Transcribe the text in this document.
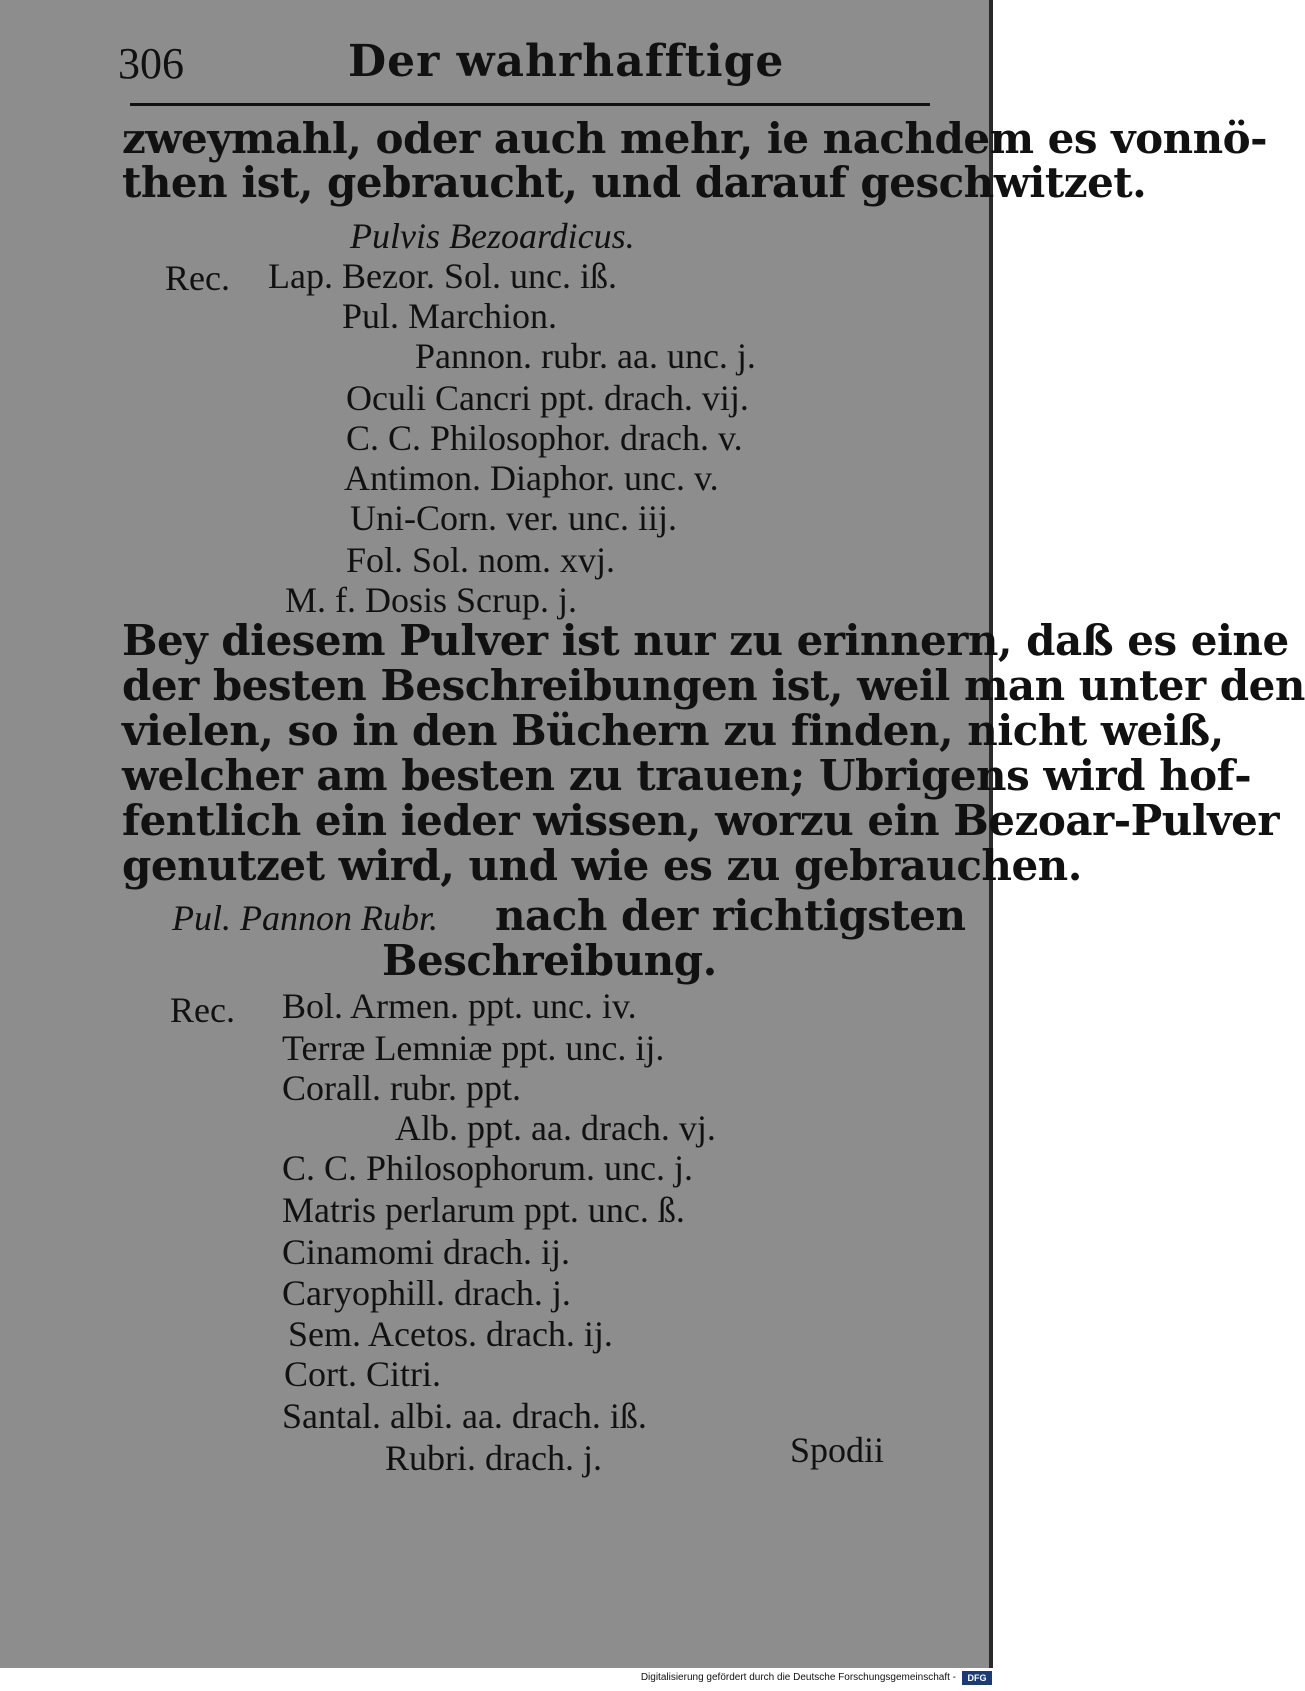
306	Der wahrhafftige
zweymahl, oder auch mehr, ie nachdem es vonnö‑
then ist, gebraucht, und darauf geschwitzet.
Pulvis Bezoardicus.
Rec. Lap. Bezor. Sol. unc. iß.
Pul. Marchion.
Pannon. rubr. aa. unc. j.
Oculi Cancri ppt. drach. vij.
C. C. Philosophor. drach. v.
Antimon. Diaphor. unc. v.
Uni-Corn. ver. unc. iij.
Fol. Sol. nom. xvj.
M. f. Dosis Scrup. j.
Bey diesem Pulver ist nur zu erinnern, daß es eine
der besten Beschreibungen ist, weil man unter den
vielen, so in den Büchern zu finden, nicht weiß,
welcher am besten zu trauen; Ubrigens wird hof‑
fentlich ein ieder wissen, worzu ein Bezoar-Pulver
genutzet wird, und wie es zu gebrauchen.
Pul. Pannon Rubr. nach der richtigsten
Beschreibung.
Rec. Bol. Armen. ppt. unc. iv.
Terræ Lemniæ ppt. unc. ij.
Corall. rubr. ppt.
Alb. ppt. aa. drach. vj.
C. C. Philosophorum. unc. j.
Matris perlarum ppt. unc. ß.
Cinamomi drach. ij.
Caryophill. drach. j.
Sem. Acetos. drach. ij.
Cort. Citri.
Santal. albi. aa. drach. iß.
Rubri. drach. j.	Spodii
Digitalisierung gefördert durch die Deutsche Forschungsgemeinschaft -	DFG
